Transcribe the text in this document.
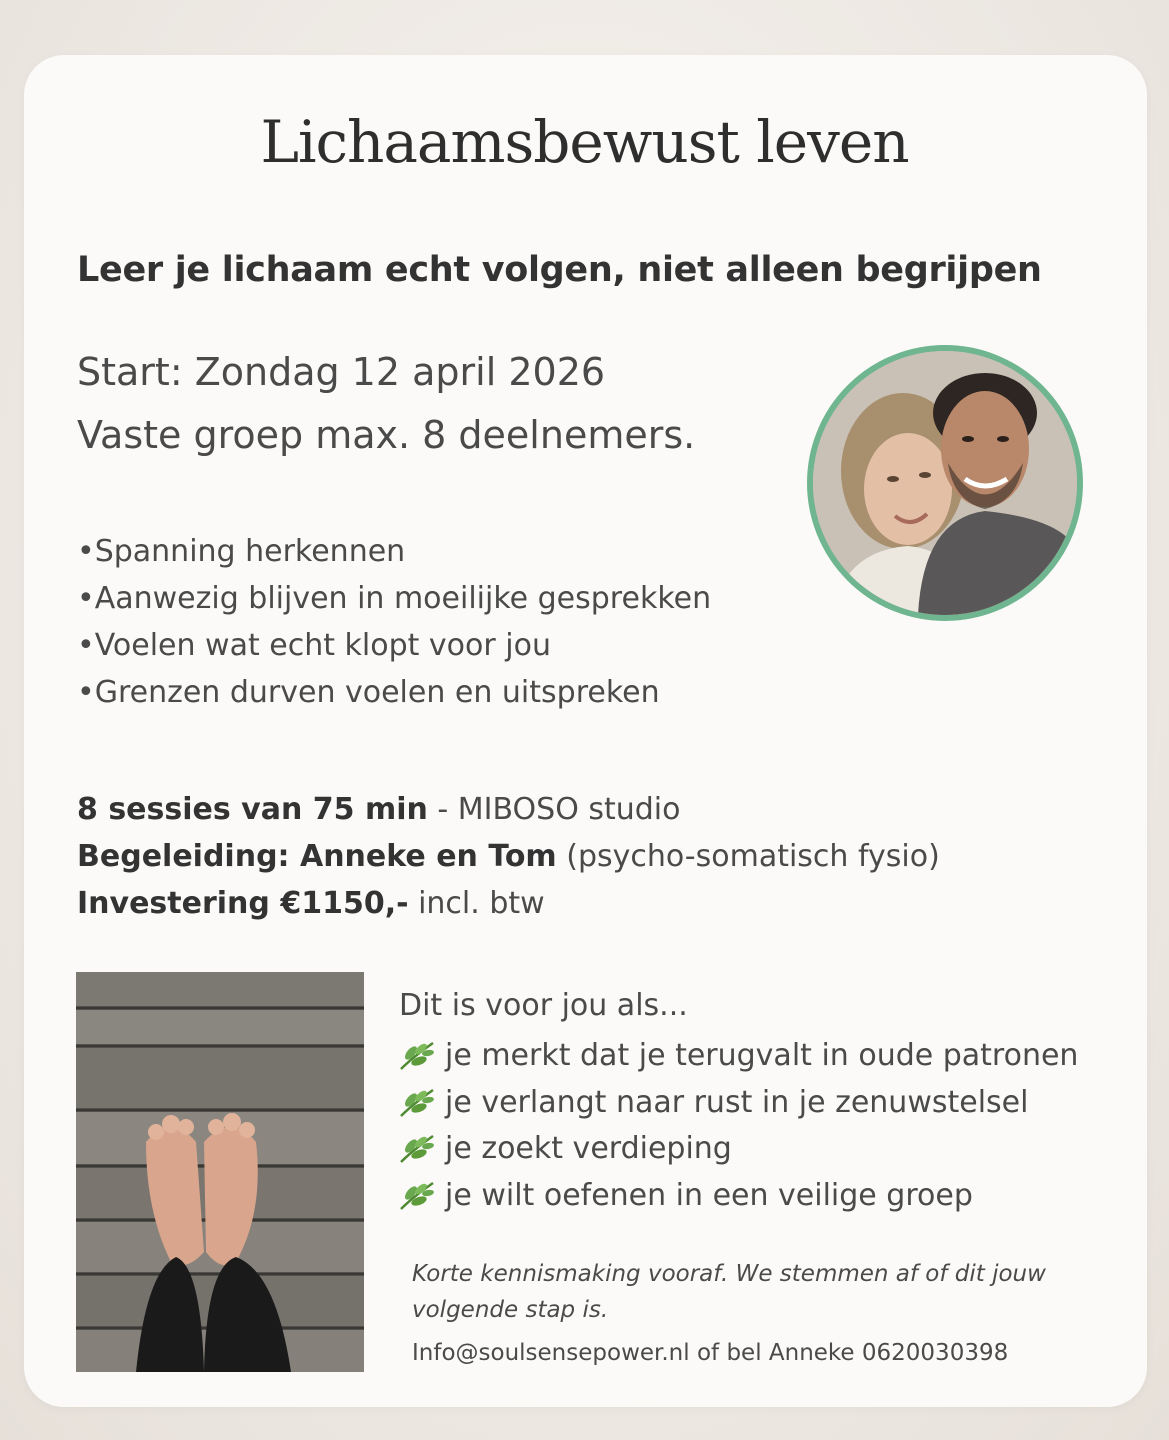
Lichaamsbewust leven
Leer je lichaam echt volgen, niet alleen begrijpen

Start: Zondag 12 april 2026

Vaste groep max. 8 deelnemers.

•Spanning herkennen
•Aanwezig blijven in moeilijke gesprekken
•Voelen wat echt klopt voor jou
•Grenzen durven voelen en uitspreken

8 sessies van 75 min - MIBOSO studio

Begeleiding: Anneke en Tom (psycho-somatisch fysio)

Investering €1150,- incl. btw

Dit is voor jou als...

je merkt dat je terugvalt in oude patronen
je verlangt naar rust in je zenuwstelsel
je zoekt verdieping
je wilt oefenen in een veilige groep

Korte kennismaking vooraf. We stemmen af of dit jouw volgende stap is.

Info@soulsensepower.nl of bel Anneke 0620030398
